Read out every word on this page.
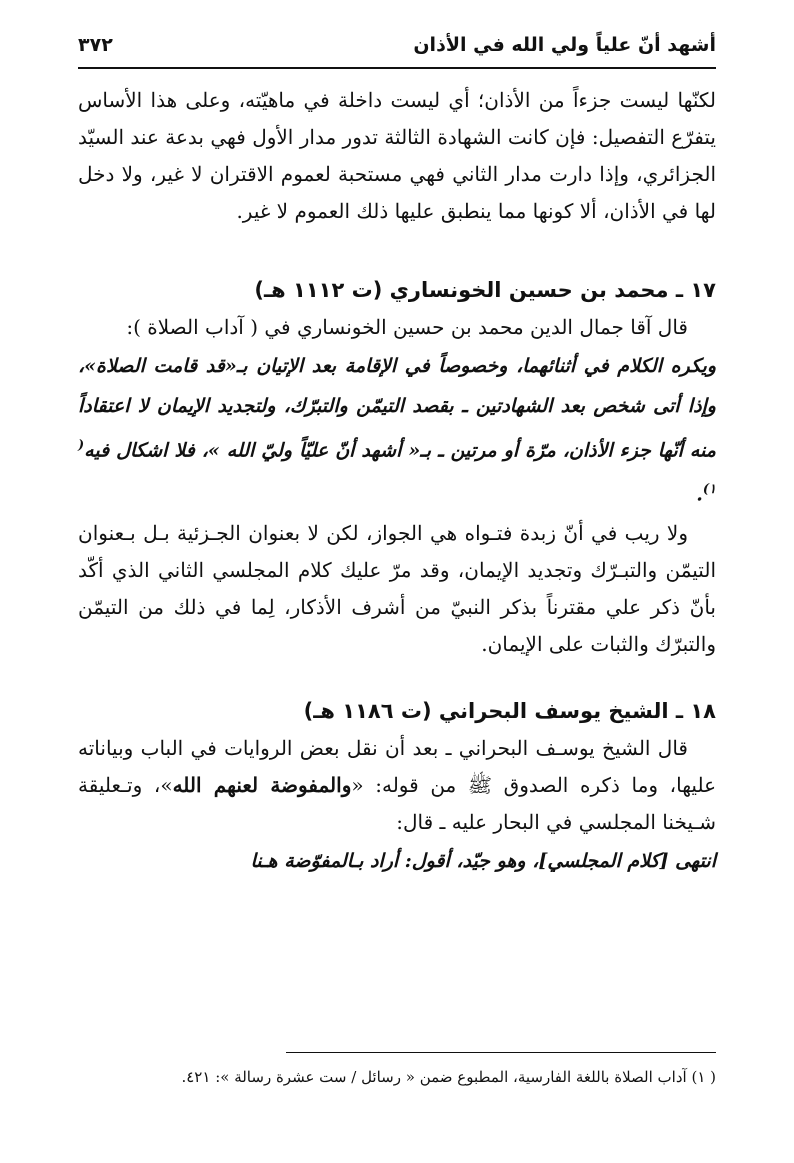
أشهد أنّ علياً ولي الله في الأذان
٣٧٢

لكنّها ليست جزءاً من الأذان؛ أي ليست داخلة في ماهيّته، وعلى هذا الأساس يتفرّع التفصيل: فإن كانت الشهادة الثالثة تدور مدار الأول فهي بدعة عند السيّد الجزائري، وإذا دارت مدار الثاني فهي مستحبة لعموم الاقتران لا غير، ولا دخل لها في الأذان، ألا كونها مما ينطبق عليها ذلك العموم لا غير.

١٧ ـ محمد بن حسين الخونساري (ت ١١١٢ هـ)

قال آقا جمال الدين محمد بن حسين الخونساري في ( آداب الصلاة ):

ويكره الكلام في أثنائهما، وخصوصاً في الإقامة بعد الإتيان بـ«قد قامت الصلاة»، وإذا أتى شخص بعد الشهادتين ـ بقصد التيمّن والتبرّك، ولتجديد الإيمان لا اعتقاداً منه أنّها جزء الأذان، مرّة أو مرتين ـ بـ« أشهد أنّ عليّاً وليّ الله »، فلا اشكال فيه$^{( ١)}$.

ولا ريب في أنّ زبدة فتـواه هي الجواز، لكن لا بعنوان الجـزئية بـل بـعنوان التيمّن والتبـرّك وتجديد الإيمان، وقد مرّ عليك كلام المجلسي الثاني الذي أكّد بأنّ ذكر علي مقترناً بذكر النبيّ من أشرف الأذكار، لِما في ذلك من التيمّن والتبرّك والثبات على الإيمان.

١٨ ـ الشيخ يوسف البحراني (ت ١١٨٦ هـ)

قال الشيخ يوسـف البحراني ـ بعد أن نقل بعض الروايات في الباب وبياناته عليها، وما ذكره الصدوق ﷺ من قوله: «والمفوضة لعنهم الله»، وتـعليقة شـيخنا المجلسي في البحار عليه ـ قال:

انتهى [كلام المجلسي]، وهو جيّد، أقول: أراد بـالمفوّضة هـنا

( ١) آداب الصلاة باللغة الفارسية، المطبوع ضمن « رسائل / ست عشرة رسالة »: ٤٢١.
